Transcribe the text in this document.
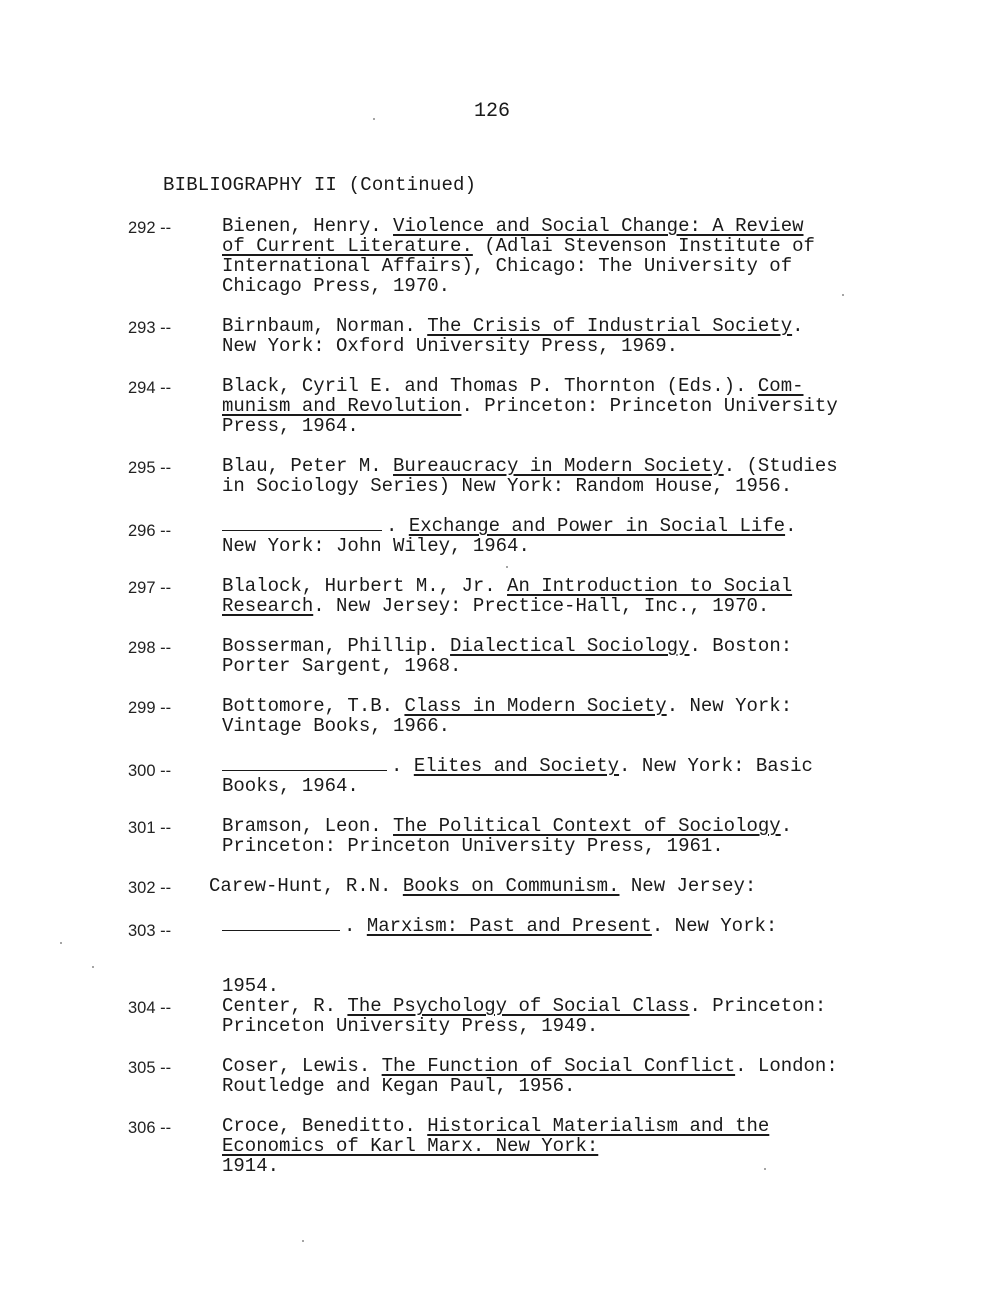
126
BIBLIOGRAPHY II (Continued)
292 --	Bienen, Henry. Violence and Social Change: A Review
of Current Literature. (Adlai Stevenson Institute of
International Affairs), Chicago: The University of
Chicago Press, 1970.
293 --	Birnbaum, Norman. The Crisis of Industrial Society.
New York: Oxford University Press, 1969.
294 --	Black, Cyril E. and Thomas P. Thornton (Eds.). Com-
munism and Revolution. Princeton: Princeton University
Press, 1964.
295 --	Blau, Peter M. Bureaucracy in Modern Society. (Studies
in Sociology Series) New York: Random House, 1956.
296 --	. Exchange and Power in Social Life.
New York: John Wiley, 1964.
297 --	Blalock, Hurbert M., Jr. An Introduction to Social
Research. New Jersey: Prectice-Hall, Inc., 1970.
298 --	Bosserman, Phillip. Dialectical Sociology. Boston:
Porter Sargent, 1968.
299 --	Bottomore, T.B. Class in Modern Society. New York:
Vintage Books, 1966.
300 --	. Elites and Society. New York: Basic
Books, 1964.
301 --	Bramson, Leon. The Political Context of Sociology.
Princeton: Princeton University Press, 1961.
302 -- Carew-Hunt, R.N. Books on Communism. New Jersey:
303 --	. Marxism: Past and Present. New York:
1954.
304 --	Center, R. The Psychology of Social Class. Princeton:
Princeton University Press, 1949.
305 --	Coser, Lewis. The Function of Social Conflict. London:
Routledge and Kegan Paul, 1956.
306 --	Croce, Beneditto. Historical Materialism and the
Economics of Karl Marx. New York:
1914.
